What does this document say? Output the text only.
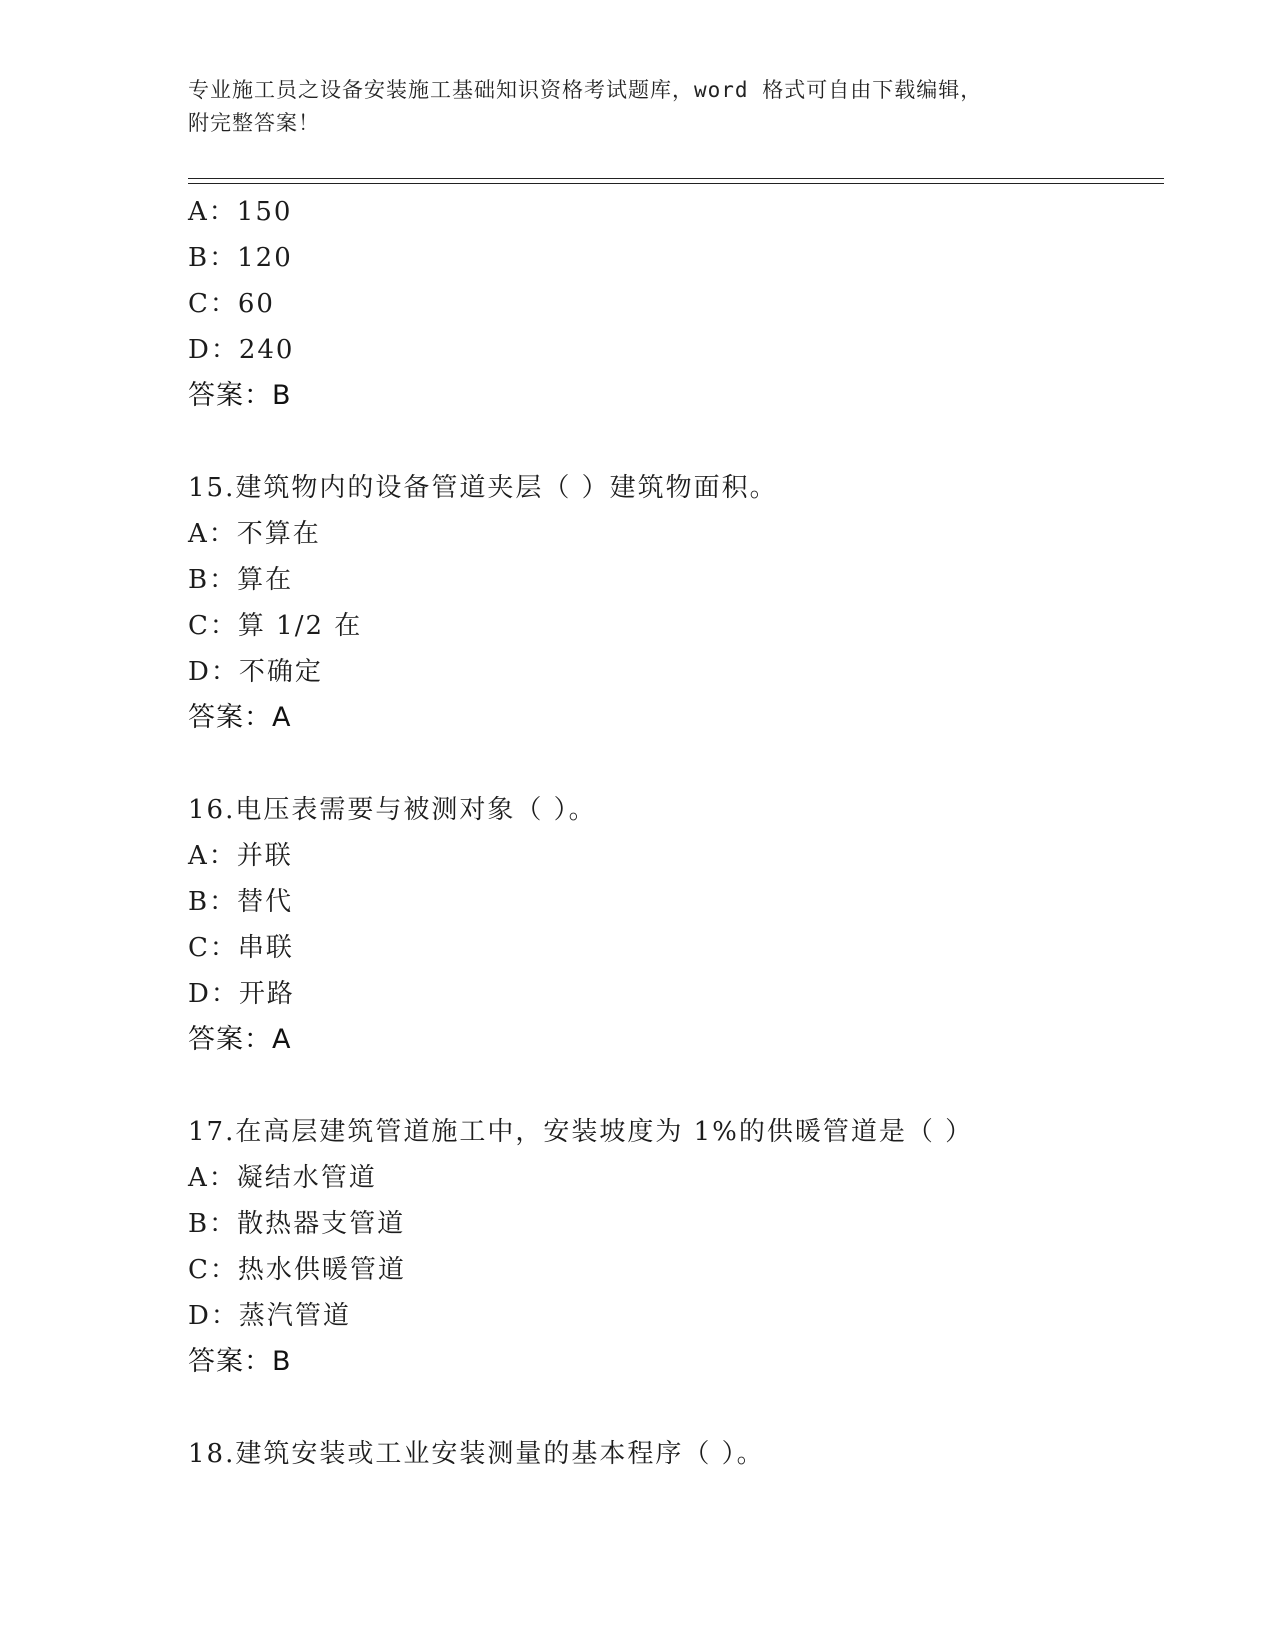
专业施工员之设备安装施工基础知识资格考试题库，word 格式可自由下载编辑，
附完整答案！
A：150
B：120
C：60
D：240
答案：B
15.建筑物内的设备管道夹层（ ）建筑物面积。
A：不算在
B：算在
C：算 1/2 在
D：不确定
答案：A
16.电压表需要与被测对象（ ）。
A：并联
B：替代
C：串联
D：开路
答案：A
17.在高层建筑管道施工中，安装坡度为 1%的供暖管道是（ ）
A：凝结水管道
B：散热器支管道
C：热水供暖管道
D：蒸汽管道
答案：B
18.建筑安装或工业安装测量的基本程序（ ）。
